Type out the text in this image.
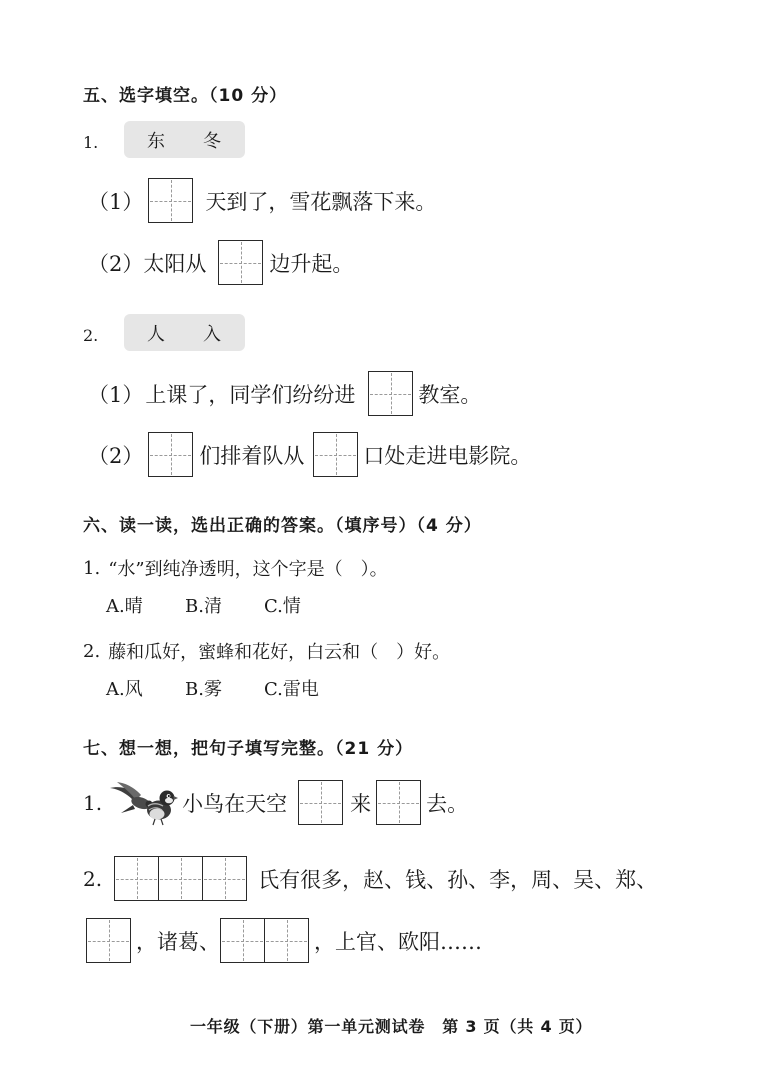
五、选字填空。（10 分）
1.	东 冬
（1）	天到了，雪花飘落下来。
（2） 太阳从	边升起。
2.	人 入
（1） 上课了，同学们纷纷进	教室。
（2）	们排着队从	口处走进电影院。
六、读一读，选出正确的答案。（填序号）（4 分）
1. “水”到纯净透明，这个字是（　）。
A.晴	B.清	C.情
2. 藤和瓜好，蜜蜂和花好，白云和（　）好。
A.风	B.雾	C.雷电
七、想一想，把句子填写完整。（21 分）
1.	小鸟在天空	来	去。
2.	氏有很多，赵、钱、孙、李，周、吴、郑、
，诸葛、	，上官、欧阳……
一年级（下册）第一单元测试卷 第 3 页（共 4 页）
